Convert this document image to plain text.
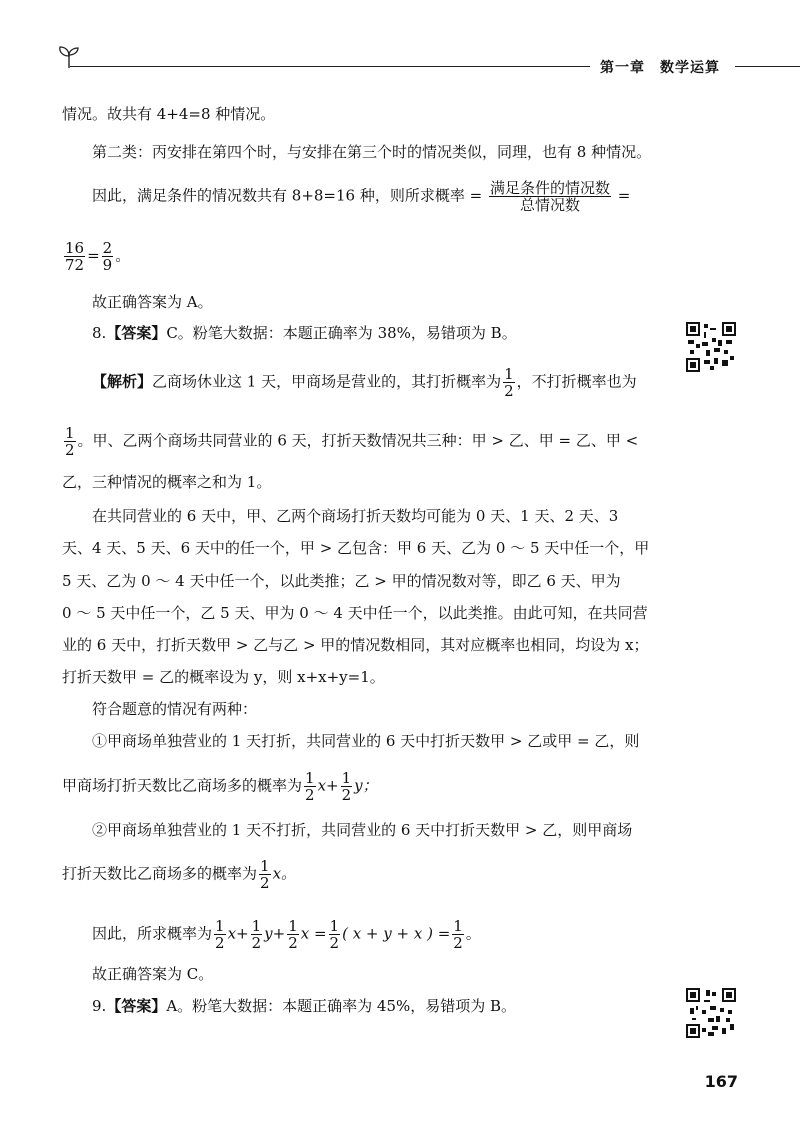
第一章　数学运算
情况。故共有 4+4=8 种情况。
第二类：丙安排在第四个时，与安排在第三个时的情况类似，同理，也有 8 种情况。
因此，满足条件的情况数共有 8+8=16 种，则所求概率 = $\frac{\text{满足条件的情况数}}{\text{总情况数}}$ =
$\frac{16}{72} = \frac{2}{9}$ 。
故正确答案为 A。
8.【答案】C。粉笔大数据：本题正确率为 38%，易错项为 B。
【解析】乙商场休业这 1 天，甲商场是营业的，其打折概率为 $\frac{1}{2}$ ，不打折概率也为
$\frac{1}{2}$ 。甲、乙两个商场共同营业的 6 天，打折天数情况共三种：甲 > 乙、甲 = 乙、甲 <
乙，三种情况的概率之和为 1。
在共同营业的 6 天中，甲、乙两个商场打折天数均可能为 0 天、1 天、2 天、3
天、4 天、5 天、6 天中的任一个，甲 > 乙包含：甲 6 天、乙为 0 ～ 5 天中任一个，甲
5 天、乙为 0 ～ 4 天中任一个，以此类推；乙 > 甲的情况数对等，即乙 6 天、甲为
0 ～ 5 天中任一个，乙 5 天、甲为 0 ～ 4 天中任一个，以此类推。由此可知，在共同营
业的 6 天中，打折天数甲 > 乙与乙 > 甲的情况数相同，其对应概率也相同，均设为 x；
打折天数甲 = 乙的概率设为 y，则 x+x+y=1。
符合题意的情况有两种：
①甲商场单独营业的 1 天打折，共同营业的 6 天中打折天数甲 > 乙或甲 = 乙，则
甲商场打折天数比乙商场多的概率为 $\frac{1}{2} x+ \frac{1}{2}$ y；
②甲商场单独营业的 1 天不打折，共同营业的 6 天中打折天数甲 > 乙，则甲商场
打折天数比乙商场多的概率为 $\frac{1}{2}$ x。
因此，所求概率为 $\frac{1}{2} x+ \frac{1}{2} y+ \frac{1}{2}$ $x = \frac{1}{2}$ ( x + y + x ) = $\frac{1}{2}$ 。
故正确答案为 C。
9.【答案】A。粉笔大数据：本题正确率为 45%，易错项为 B。
167
